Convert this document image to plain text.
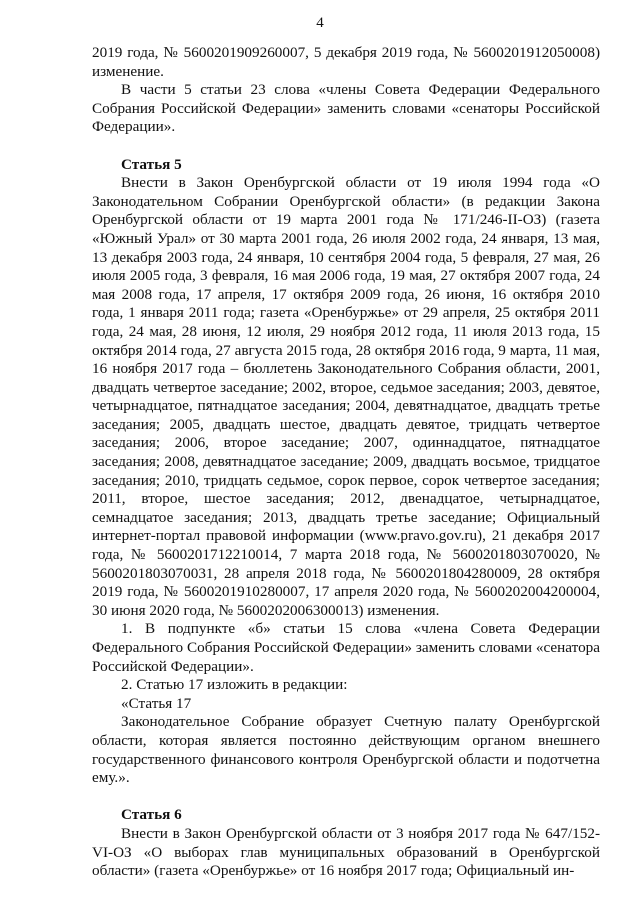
4

2019 года, № 5600201909260007, 5 декабря 2019 года, № 5600201912050008) изменение.

В части 5 статьи 23 слова «члены Совета Федерации Федерального Собрания Российской Федерации» заменить словами «сенаторы Российской Федерации».

Статья 5

Внести в Закон Оренбургской области от 19 июля 1994 года «О Законодательном Собрании Оренбургской области» (в редакции Закона Оренбургской области от 19 марта 2001 года № 171/246-II-ОЗ) (газета «Южный Урал» от 30 марта 2001 года, 26 июля 2002 года, 24 января, 13 мая, 13 декабря 2003 года, 24 января, 10 сентября 2004 года, 5 февраля, 27 мая, 26 июля 2005 года, 3 февраля, 16 мая 2006 года, 19 мая, 27 октября 2007 года, 24 мая 2008 года, 17 апреля, 17 октября 2009 года, 26 июня, 16 октября 2010 года, 1 января 2011 года; газета «Оренбуржье» от 29 апреля, 25 октября 2011 года, 24 мая, 28 июня, 12 июля, 29 ноября 2012 года, 11 июля 2013 года, 15 октября 2014 года, 27 августа 2015 года, 28 октября 2016 года, 9 марта, 11 мая, 16 ноября 2017 года – бюллетень Законодательного Собрания области, 2001, двадцать четвертое заседание; 2002, второе, седьмое заседания; 2003, девятое, четырнадцатое, пятнадцатое заседания; 2004, девятнадцатое, двадцать третье заседания; 2005, двадцать шестое, двадцать девятое, тридцать четвертое заседания; 2006, второе заседание; 2007, одиннадцатое, пятнадцатое заседания; 2008, девятнадцатое заседание; 2009, двадцать восьмое, тридцатое заседания; 2010, тридцать седьмое, сорок первое, сорок четвертое заседания; 2011, второе, шестое заседания; 2012, двенадцатое, четырнадцатое, семнадцатое заседания; 2013, двадцать третье заседание; Официальный интернет-портал правовой информации (www.pravo.gov.ru), 21 декабря 2017 года, № 5600201712210014, 7 марта 2018 года, № 5600201803070020, № 5600201803070031, 28 апреля 2018 года, № 5600201804280009, 28 октября 2019 года, № 5600201910280007, 17 апреля 2020 года, № 5600202004200004, 30 июня 2020 года, № 5600202006300013) изменения.

1. В подпункте «б» статьи 15 слова «члена Совета Федерации Федерального Собрания Российской Федерации» заменить словами «сенатора Российской Федерации».

2. Статью 17 изложить в редакции:

«Статья 17

Законодательное Собрание образует Счетную палату Оренбургской области, которая является постоянно действующим органом внешнего государственного финансового контроля Оренбургской области и подотчетна ему.».

Статья 6

Внести в Закон Оренбургской области от 3 ноября 2017 года № 647/152-VI-ОЗ «О выборах глав муниципальных образований в Оренбургской области» (газета «Оренбуржье» от 16 ноября 2017 года; Официальный ин-
